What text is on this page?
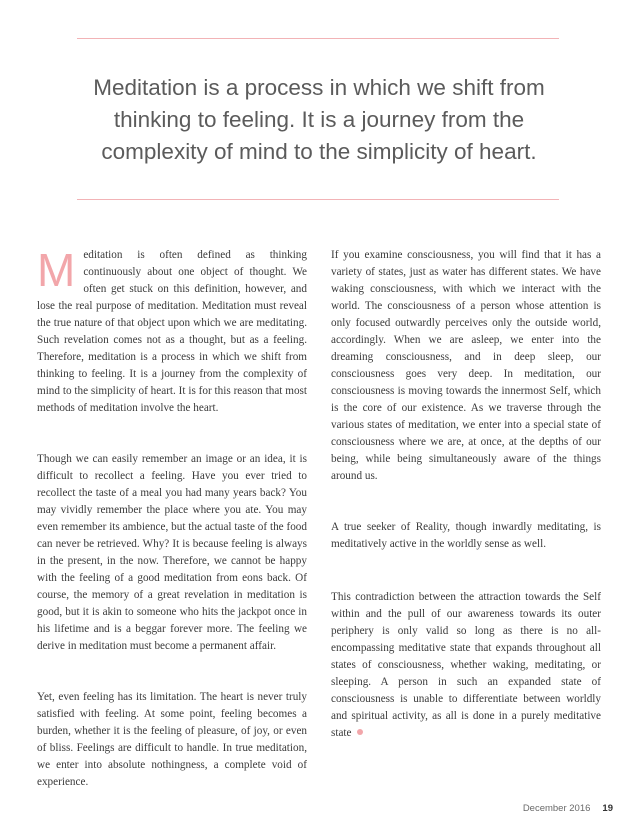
Meditation is a process in which we shift from thinking to feeling. It is a journey from the complexity of mind to the simplicity of heart.

Meditation is often defined as thinking continuously about one object of thought. We often get stuck on this definition, however, and lose the real purpose of meditation. Meditation must reveal the true nature of that object upon which we are meditating. Such revelation comes not as a thought, but as a feeling. Therefore, meditation is a process in which we shift from thinking to feeling. It is a journey from the complexity of mind to the simplicity of heart. It is for this reason that most methods of meditation involve the heart.

Though we can easily remember an image or an idea, it is difficult to recollect a feeling. Have you ever tried to recollect the taste of a meal you had many years back? You may vividly remember the place where you ate. You may even remember its ambience, but the actual taste of the food can never be retrieved. Why? It is because feeling is always in the present, in the now. Therefore, we cannot be happy with the feeling of a good meditation from eons back. Of course, the memory of a great revelation in meditation is good, but it is akin to someone who hits the jackpot once in his lifetime and is a beggar forever more. The feeling we derive in meditation must become a permanent affair.

Yet, even feeling has its limitation. The heart is never truly satisfied with feeling. At some point, feeling becomes a burden, whether it is the feeling of pleasure, of joy, or even of bliss. Feelings are difficult to handle. In true meditation, we enter into absolute nothingness, a complete void of experience.

If you examine consciousness, you will find that it has a variety of states, just as water has different states. We have waking consciousness, with which we interact with the world. The consciousness of a person whose attention is only focused outwardly perceives only the outside world, accordingly. When we are asleep, we enter into the dreaming consciousness, and in deep sleep, our consciousness goes very deep. In meditation, our consciousness is moving towards the innermost Self, which is the core of our existence. As we traverse through the various states of meditation, we enter into a special state of consciousness where we are, at once, at the depths of our being, while being simultaneously aware of the things around us.

A true seeker of Reality, though inwardly meditating, is meditatively active in the worldly sense as well.

This contradiction between the attraction towards the Self within and the pull of our awareness towards its outer periphery is only valid so long as there is no all-encompassing meditative state that expands throughout all states of consciousness, whether waking, meditating, or sleeping. A person in such an expanded state of consciousness is unable to differentiate between worldly and spiritual activity, as all is done in a purely meditative state

December 2016 19
